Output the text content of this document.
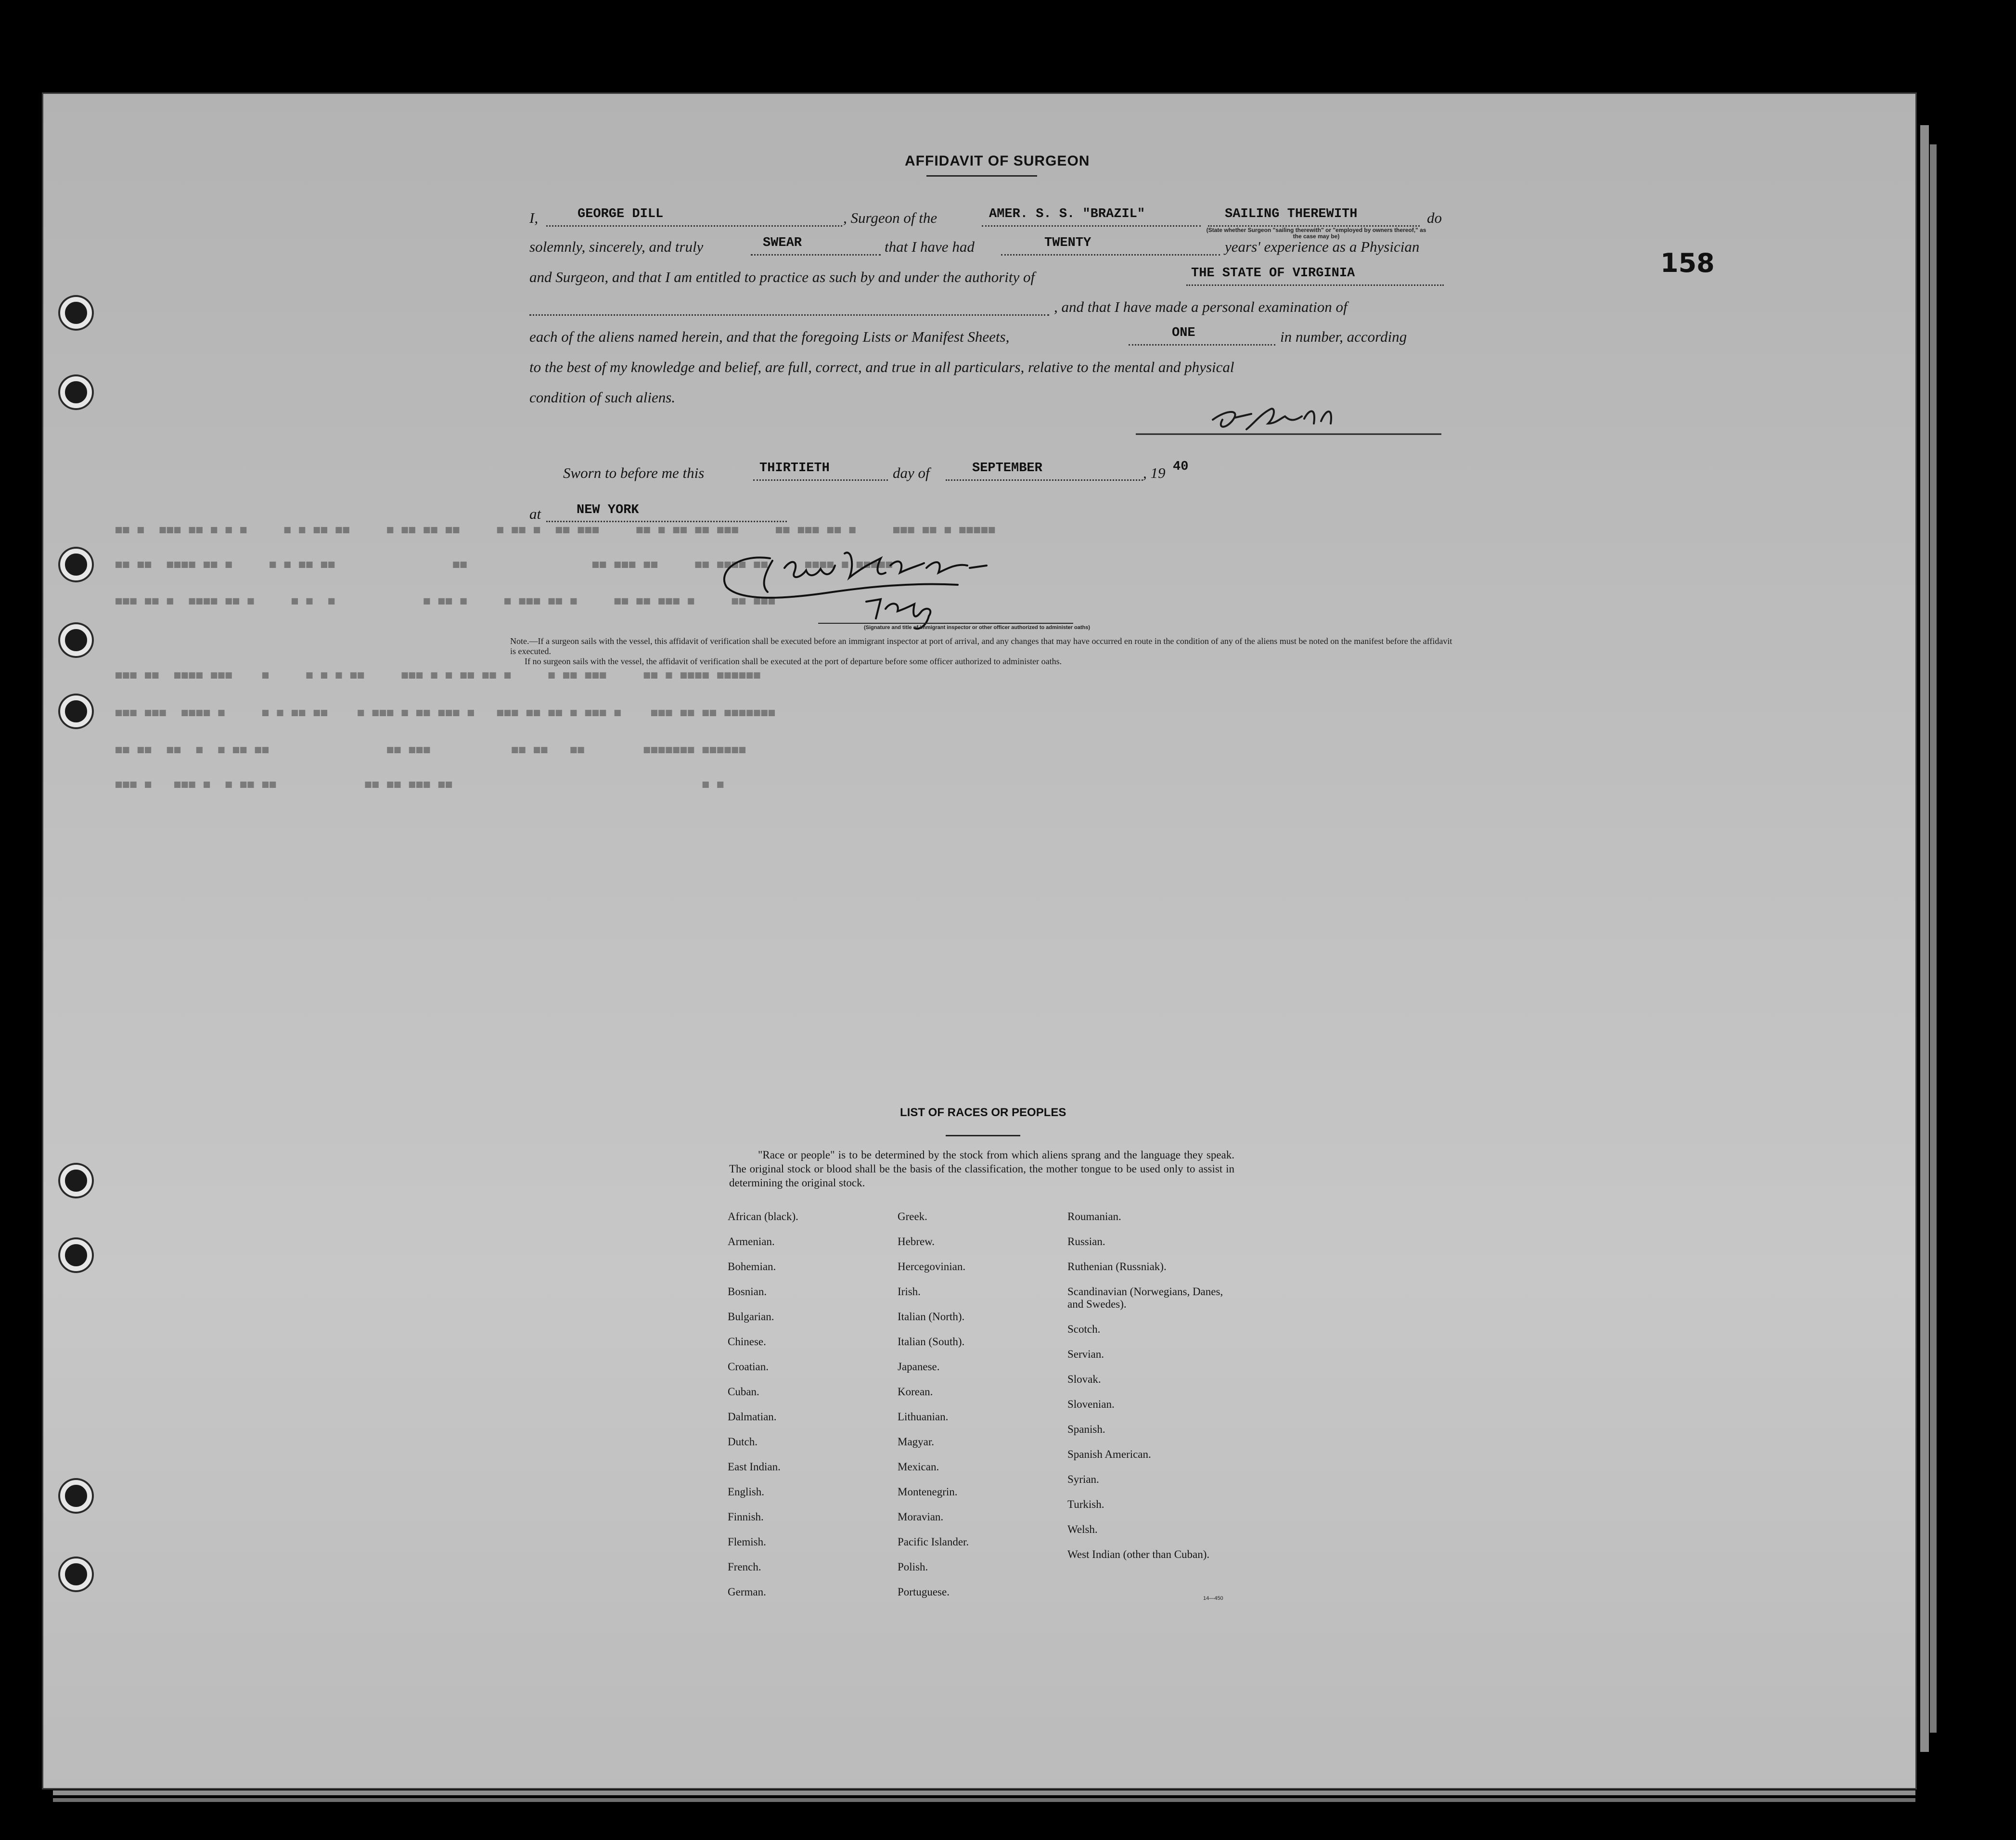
158
■■ ■  ■■■ ■■ ■ ■ ■     ■ ■ ■■ ■■     ■ ■■ ■■ ■■     ■ ■■ ■  ■■ ■■■     ■■ ■ ■■ ■■ ■■■     ■■ ■■■ ■■ ■     ■■■ ■■ ■ ■■■■■
■■ ■■  ■■■■ ■■ ■     ■ ■ ■■ ■■                ■■                 ■■ ■■■ ■■     ■■ ■■■■ ■■     ■■■■ ■ ■■■■■
■■■ ■■ ■  ■■■■ ■■ ■     ■ ■  ■            ■ ■■ ■     ■ ■■■ ■■ ■     ■■ ■■ ■■■ ■     ■■ ■■■
■■■ ■■  ■■■■ ■■■    ■     ■ ■ ■ ■■     ■■■ ■ ■ ■■ ■■ ■     ■ ■■ ■■■     ■■ ■ ■■■■ ■■■■■■
■■■ ■■■  ■■■■ ■     ■ ■ ■■ ■■    ■ ■■■ ■ ■■ ■■■ ■   ■■■ ■■ ■■ ■ ■■■ ■    ■■■ ■■ ■■ ■■■■■■■
■■ ■■  ■■  ■  ■ ■■ ■■                ■■ ■■■           ■■ ■■   ■■        ■■■■■■■ ■■■■■■
■■■ ■   ■■■ ■  ■ ■■ ■■            ■■ ■■ ■■■ ■■                                  ■ ■
AFFIDAVIT OF SURGEON
I,	GEORGE DILL	, Surgeon of the	AMER. S. S. "BRAZIL"	SAILING THEREWITH	do
(State whether Surgeon "sailing therewith" or "employed by owners thereof," as the case may be)
solemnly, sincerely, and truly	SWEAR	that I have had	TWENTY	years' experience as a Physician
and Surgeon, and that I am entitled to practice as such by and under the authority of	THE STATE OF VIRGINIA
, and that I have made a personal examination of
each of the aliens named herein, and that the foregoing Lists or Manifest Sheets,	ONE	in number, according
to the best of my knowledge and belief, are full, correct, and true in all particulars, relative to the mental and physical
condition of such aliens.
Sworn to before me this	THIRTIETH	day of	SEPTEMBER	, 19 40
at	NEW YORK
(Signature and title of immigrant inspector or other officer authorized to administer oaths)

Note.—If a surgeon sails with the vessel, this affidavit of verification shall be executed before an immigrant inspector at port of arrival, and any changes that may have occurred en route in the condition of any of the aliens must be noted on the manifest before the affidavit is executed.

If no surgeon sails with the vessel, the affidavit of verification shall be executed at the port of departure before some officer authorized to administer oaths.

LIST OF RACES OR PEOPLES
"Race or people" is to be determined by the stock from which aliens sprang and the language they speak. The original stock or blood shall be the basis of the classification, the mother tongue to be used only to assist in determining the original stock.
African (black).
Armenian.
Bohemian.
Bosnian.
Bulgarian.
Chinese.
Croatian.
Cuban.
Dalmatian.
Dutch.
East Indian.
English.
Finnish.
Flemish.
French.
German.
Greek.
Hebrew.
Hercegovinian.
Irish.
Italian (North).
Italian (South).
Japanese.
Korean.
Lithuanian.
Magyar.
Mexican.
Montenegrin.
Moravian.
Pacific Islander.
Polish.
Portuguese.
Roumanian.
Russian.
Ruthenian (Russniak).
Scandinavian (Norwegians, Danes, and Swedes).
Scotch.
Servian.
Slovak.
Slovenian.
Spanish.
Spanish American.
Syrian.
Turkish.
Welsh.
West Indian (other than Cuban).
14—450
